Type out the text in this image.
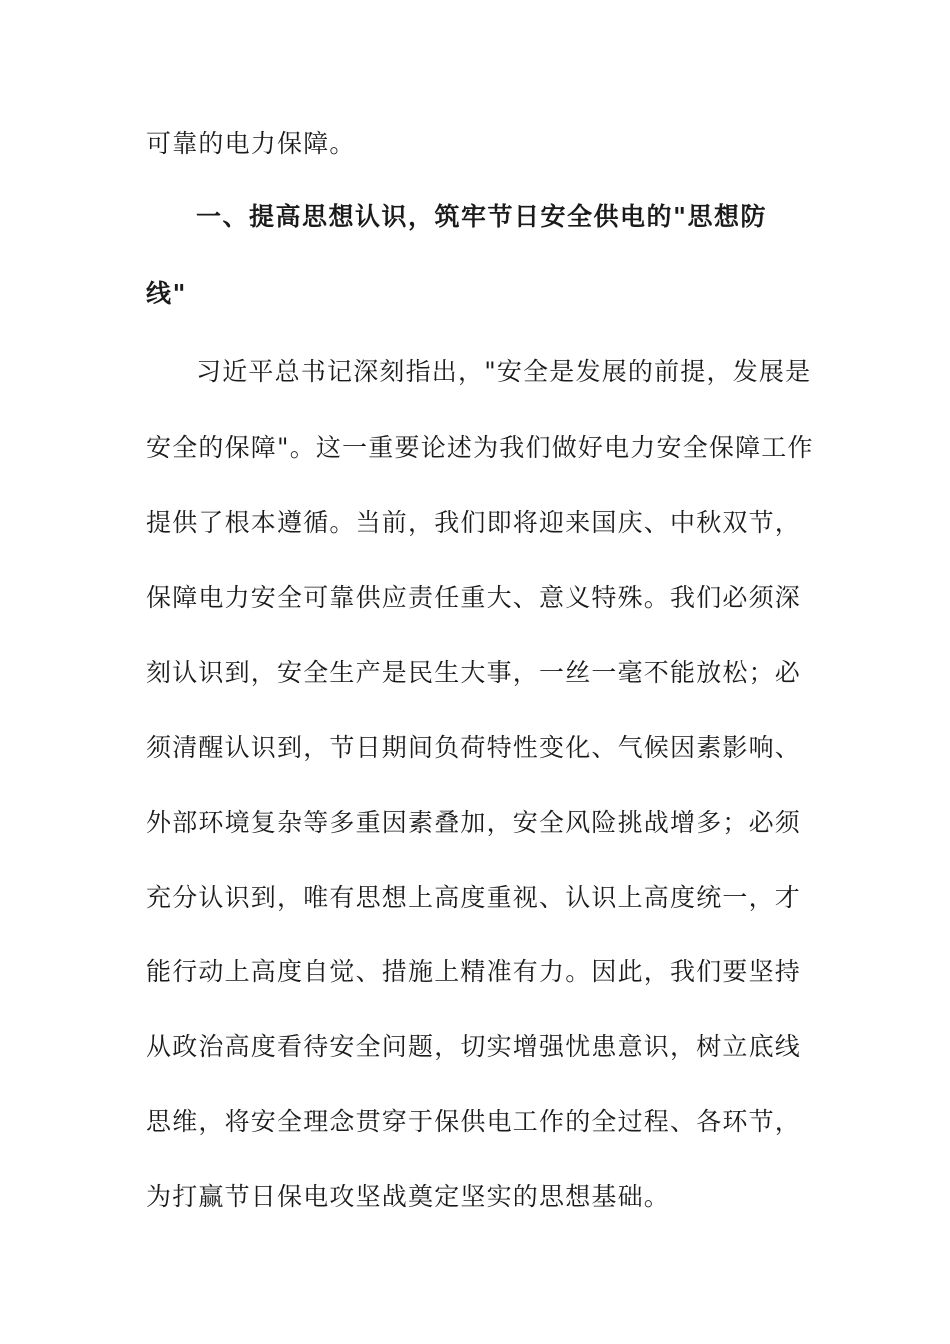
可靠的电力保障。
一、提高思想认识，筑牢节日安全供电的"思想防
线"
习近平总书记深刻指出，"安全是发展的前提，发展是
安全的保障"。这一重要论述为我们做好电力安全保障工作
提供了根本遵循。当前，我们即将迎来国庆、中秋双节，
保障电力安全可靠供应责任重大、意义特殊。我们必须深
刻认识到，安全生产是民生大事，一丝一毫不能放松；必
须清醒认识到，节日期间负荷特性变化、气候因素影响、
外部环境复杂等多重因素叠加，安全风险挑战增多；必须
充分认识到，唯有思想上高度重视、认识上高度统一，才
能行动上高度自觉、措施上精准有力。因此，我们要坚持
从政治高度看待安全问题，切实增强忧患意识，树立底线
思维，将安全理念贯穿于保供电工作的全过程、各环节，
为打赢节日保电攻坚战奠定坚实的思想基础。
